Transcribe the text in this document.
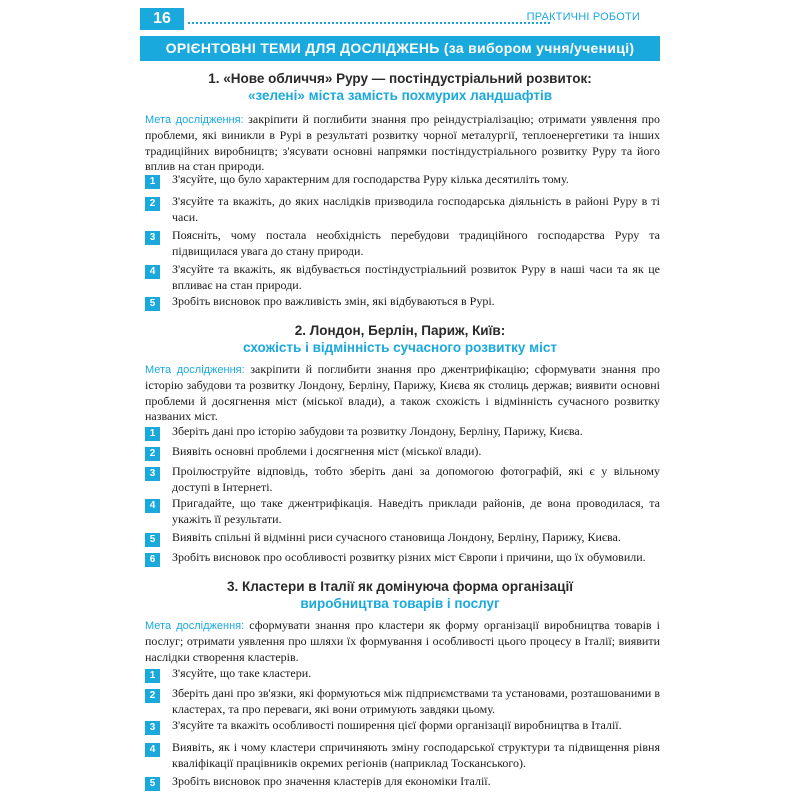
16	ПРАКТИЧНІ РОБОТИ
ОРІЄНТОВНІ ТЕМИ ДЛЯ ДОСЛІДЖЕНЬ (за вибором учня/учениці)
1. «Нове обличчя» Руру — постіндустріальний розвиток:
«зелені» міста замість похмурих ландшафтів
Мета дослідження: закріпити й поглибити знання про реіндустріалізацію; отримати уявлення про проблеми, які виникли в Рурі в результаті розвитку чорної металургії, теплоенергетики та інших традиційних виробництв; з'ясувати основні напрямки постіндустріального розвитку Руру та його вплив на стан природи.
1	З'ясуйте, що було характерним для господарства Руру кілька десятиліть тому.
2	З'ясуйте та вкажіть, до яких наслідків призводила господарська діяльність в районі Руру в ті часи.
3	Поясніть, чому постала необхідність перебудови традиційного господарства Руру та підвищилася увага до стану природи.
4	З'ясуйте та вкажіть, як відбувається постіндустріальний розвиток Руру в наші часи та як це впливає на стан природи.
5	Зробіть висновок про важливість змін, які відбуваються в Рурі.
2. Лондон, Берлін, Париж, Київ:
схожість і відмінність сучасного розвитку міст
Мета дослідження: закріпити й поглибити знання про джентрифікацію; сформувати знання про історію забудови та розвитку Лондону, Берліну, Парижу, Києва як столиць держав; виявити основні проблеми й досягнення міст (міської влади), а також схожість і відмінність сучасного розвитку названих міст.
1	Зберіть дані про історію забудови та розвитку Лондону, Берліну, Парижу, Києва.
2	Виявіть основні проблеми і досягнення міст (міської влади).
3	Проілюструйте відповідь, тобто зберіть дані за допомогою фотографій, які є у вільному доступі в Інтернеті.
4	Пригадайте, що таке джентрифікація. Наведіть приклади районів, де вона проводилася, та укажіть її результати.
5	Виявіть спільні й відмінні риси сучасного становища Лондону, Берліну, Парижу, Києва.
6	Зробіть висновок про особливості розвитку різних міст Європи і причини, що їх обумовили.
3. Кластери в Італії як домінуюча форма організації
виробництва товарів і послуг
Мета дослідження: сформувати знання про кластери як форму організації виробництва товарів і послуг; отримати уявлення про шляхи їх формування і особливості цього процесу в Італії; виявити наслідки створення кластерів.
1	З'ясуйте, що таке кластери.
2	Зберіть дані про зв'язки, які формуються між підприємствами та установами, розташованими в кластерах, та про переваги, які вони отримують завдяки цьому.
3	З'ясуйте та вкажіть особливості поширення цієї форми організації виробництва в Італії.
4	Виявіть, як і чому кластери спричиняють зміну господарської структури та підвищення рівня кваліфікації працівників окремих регіонів (наприклад Тосканського).
5	Зробіть висновок про значення кластерів для економіки Італії.
